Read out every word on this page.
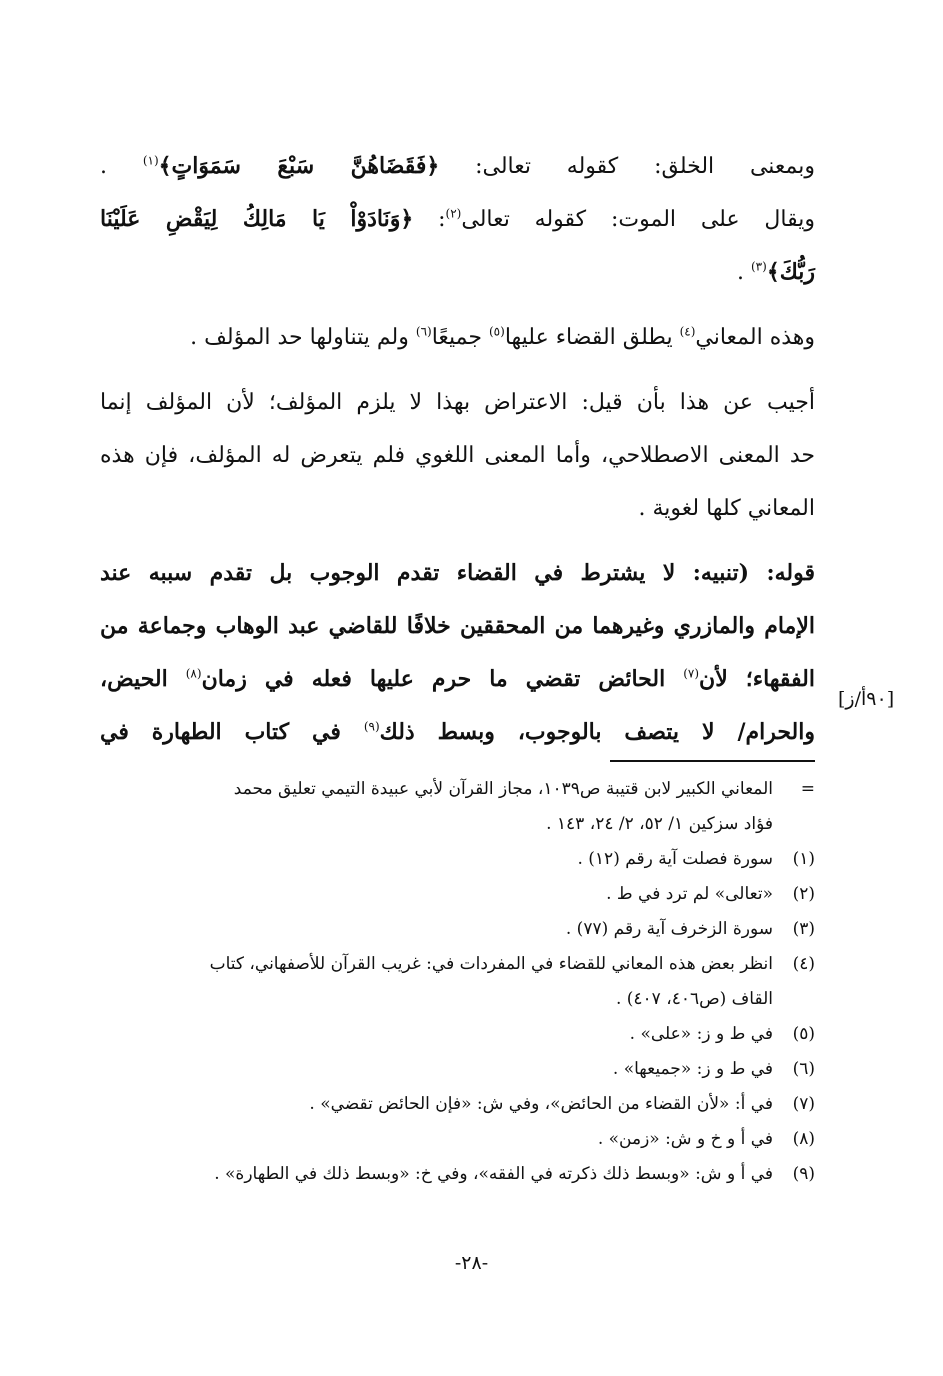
وبمعنى الخلق: كقوله تعالى: ﴿فَقَضَاهُنَّ سَبْعَ سَمَوَاتٍ﴾$^{(١)}$ .
ويقال على الموت: كقوله تعالى$^{(٢)}$: ﴿وَنَادَوْاْ يَا مَالِكُ لِيَقْضِ عَلَيْنَا
رَبُّكَ﴾$^{(٣)}$ .
وهذه المعاني$^{(٤)}$ يطلق القضاء عليها$^{(٥)}$ جميعًا$^{(٦)}$ ولم يتناولها حد المؤلف .
أجيب عن هذا بأن قيل: الاعتراض بهذا لا يلزم المؤلف؛ لأن المؤلف إنما
حد المعنى الاصطلاحي، وأما المعنى اللغوي فلم يتعرض له المؤلف، فإن هذه
المعاني كلها لغوية .
قوله: (تنبيه: لا يشترط في القضاء تقدم الوجوب بل تقدم سببه عند
الإمام والمازري وغيرهما من المحققين خلافًا للقاضي عبد الوهاب وجماعة من
الفقهاء؛ لأن$^{(٧)}$ الحائض تقضي ما حرم عليها فعله في زمان$^{(٨)}$ الحيض،
والحرام/ لا يتصف بالوجوب، وبسط ذلك$^{(٩)}$ في كتاب الطهارة في
[٩٠أ/ز]
=المعاني الكبير لابن قتيبة ص١٠٣٩، مجاز القرآن لأبي عبيدة التيمي تعليق محمد
فؤاد سزكين ١/ ٥٢، ٢/ ٢٤، ١٤٣ .
(١)سورة فصلت آية رقم (١٢) .
(٢)«تعالى» لم ترد في ط .
(٣)سورة الزخرف آية رقم (٧٧) .
(٤)انظر بعض هذه المعاني للقضاء في المفردات في: غريب القرآن للأصفهاني، كتاب
القاف (ص٤٠٦، ٤٠٧) .
(٥)في ط و ز: «على» .
(٦)في ط و ز: «جميعها» .
(٧)في أ: «لأن القضاء من الحائض»، وفي ش: «فإن الحائض تقضي» .
(٨)في أ و خ و ش: «زمن» .
(٩)في أ و ش: «وبسط ذلك ذكرته في الفقه»، وفي خ: «وبسط ذلك في الطهارة» .
-٢٨-
